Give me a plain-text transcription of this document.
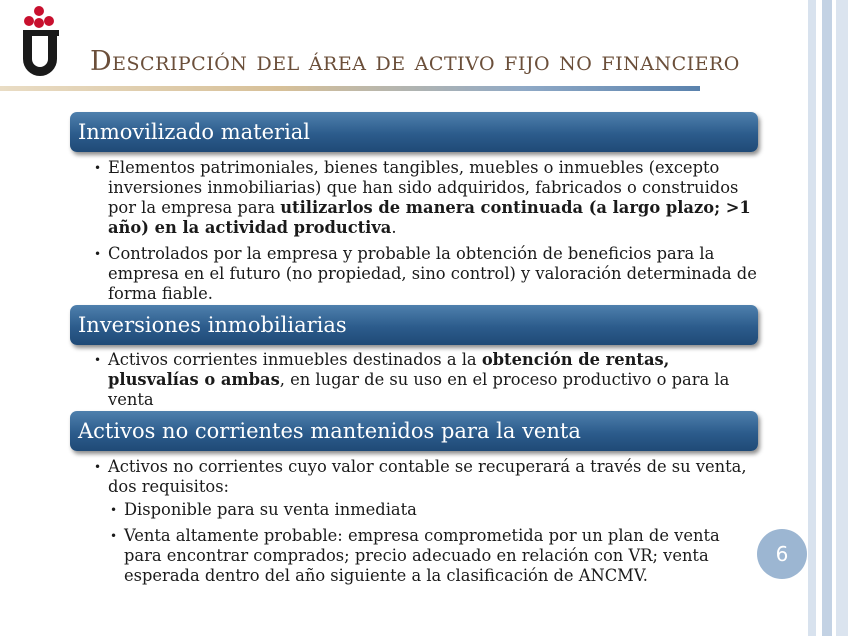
Descripción del área de activo fijo no financiero
Inmovilizado material
• Elementos patrimoniales, bienes tangibles, muebles o inmuebles (excepto inversiones inmobiliarias) que han sido adquiridos, fabricados o construidos por la empresa para utilizarlos de manera continuada (a largo plazo; >1 año) en la actividad productiva.
• Controlados por la empresa y probable la obtención de beneficios para la empresa en el futuro (no propiedad, sino control) y valoración determinada de forma fiable.
Inversiones inmobiliarias
• Activos corrientes inmuebles destinados a la obtención de rentas, plusvalías o ambas, en lugar de su uso en el proceso productivo o para la venta
Activos no corrientes mantenidos para la venta
• Activos no corrientes cuyo valor contable se recuperará a través de su venta, dos requisitos:
• Disponible para su venta inmediata
• Venta altamente probable: empresa comprometida por un plan de venta para encontrar comprados; precio adecuado en relación con VR; venta esperada dentro del año siguiente a la clasificación de ANCMV.
6
